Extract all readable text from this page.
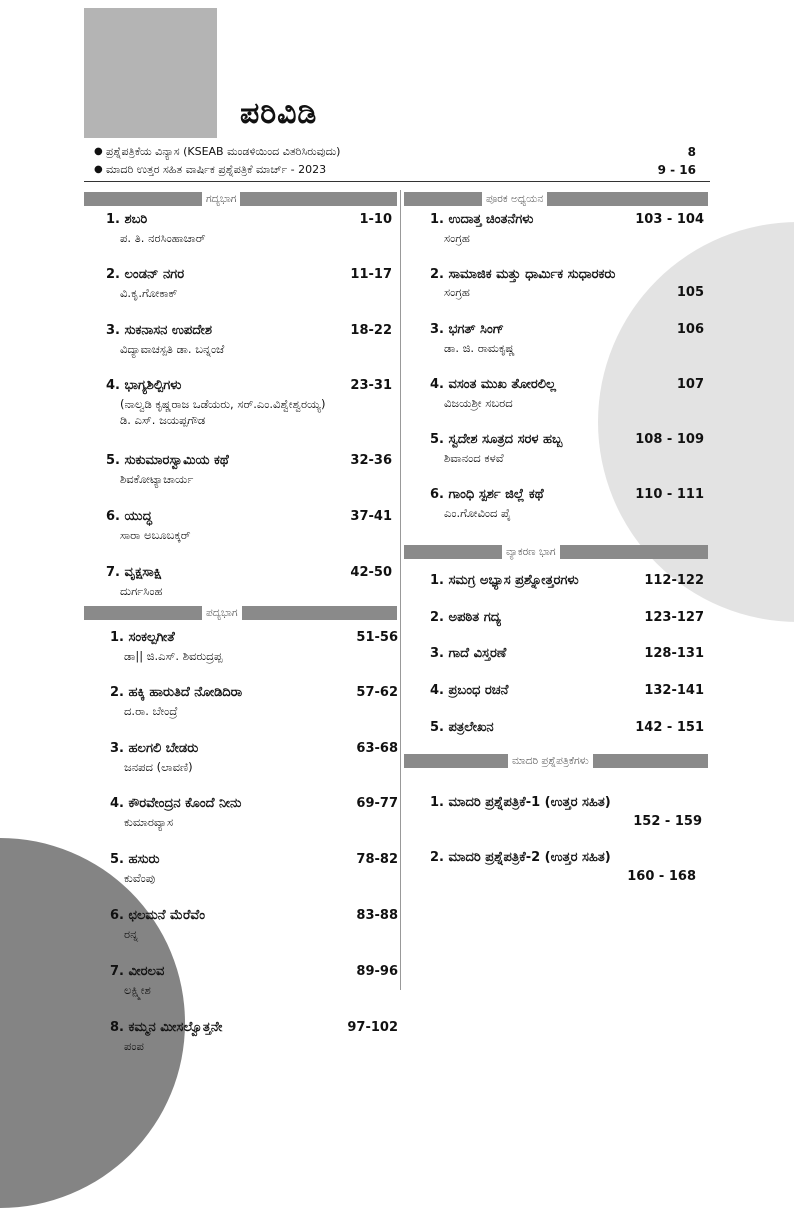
ಪರಿವಿಡಿ
● ಪ್ರಶ್ನೆಪತ್ರಿಕೆಯ ವಿನ್ಯಾಸ (KSEAB ಮಂಡಳಿಯಿಂದ ವಿತರಿಸಿರುವುದು)	8
● ಮಾದರಿ ಉತ್ತರ ಸಹಿತ ವಾರ್ಷಿಕ ಪ್ರಶ್ನೆಪತ್ರಿಕೆ ಮಾರ್ಚ್ - 2023	9 - 16
ಗದ್ಯಭಾಗ
1. ಶಬರಿ	1-10
ಪ. ತಿ. ನರಸಿಂಹಾಚಾರ್
2. ಲಂಡನ್ ನಗರ	11-17
ವಿ.ಕೃ.ಗೋಕಾಕ್
3. ಸುಕನಾಸನ ಉಪದೇಶ	18-22
ವಿದ್ಯಾವಾಚಸ್ಪತಿ ಡಾ. ಬನ್ನಂಜೆ
4. ಭಾಗ್ಯಶಿಲ್ಪಿಗಳು	23-31
(ನಾಲ್ವಡಿ ಕೃಷ್ಣರಾಜ ಒಡೆಯರು, ಸರ್.ಎಂ.ವಿಶ್ವೇಶ್ವರಯ್ಯ)
ಡಿ. ಎಸ್. ಜಯಪ್ಪಗೌಡ
5. ಸುಕುಮಾರಸ್ವಾಮಿಯ ಕಥೆ	32-36
ಶಿವಕೋಟ್ಯಾಚಾರ್ಯ
6. ಯುದ್ಧ	37-41
ಸಾರಾ ಅಬೂಬಕ್ಕರ್
7. ವೃಕ್ಷಸಾಕ್ಷಿ	42-50
ದುರ್ಗಸಿಂಹ
ಪದ್ಯಭಾಗ
1. ಸಂಕಲ್ಪಗೀತೆ	51-56
ಡಾ|| ಜಿ.ಎಸ್. ಶಿವರುದ್ರಪ್ಪ
2. ಹಕ್ಕಿ ಹಾರುತಿದೆ ನೋಡಿದಿರಾ	57-62
ದ.ರಾ. ಬೇಂದ್ರೆ
3. ಹಲಗಲಿ ಬೇಡರು	63-68
ಜನಪದ (ಲಾವಣಿ)
4. ಕೌರವೇಂದ್ರನ ಕೊಂದೆ ನೀನು	69-77
ಕುಮಾರವ್ಯಾಸ
5. ಹಸುರು	78-82
ಕುವೆಂಪು
6. ಛಲಮನೆ ಮೆರೆವೆಂ	83-88
ರನ್ನ
7. ವೀರಲವ	89-96
ಲಕ್ಷ್ಮೀಶ
8. ಕಮ್ಮನ ಮೀಸಲ್ವೊತ್ತನೇ	97-102
ಪಂಪ
ಪೂರಕ ಅಧ್ಯಯನ
1. ಉದಾತ್ತ ಚಿಂತನೆಗಳು	103 - 104
ಸಂಗ್ರಹ
2. ಸಾಮಾಜಿಕ ಮತ್ತು ಧಾರ್ಮಿಕ ಸುಧಾರಕರು
ಸಂಗ್ರಹ	105
3. ಭಗತ್ ಸಿಂಗ್	106
ಡಾ. ಜಿ. ರಾಮಕೃಷ್ಣ
4. ವಸಂತ ಮುಖ ತೋರಲಿಲ್ಲ	107
ವಿಜಯಶ್ರೀ ಸಬರದ
5. ಸ್ವದೇಶ ಸೂತ್ರದ ಸರಳ ಹಬ್ಬ	108 - 109
ಶಿವಾನಂದ ಕಳವೆ
6. ಗಾಂಧಿ ಸ್ಪರ್ಶ ಜಿಲ್ಲೆ ಕಥೆ	110 - 111
ಎಂ.ಗೋವಿಂದ ಪೈ
ವ್ಯಾಕರಣ ಭಾಗ
1. ಸಮಗ್ರ ಅಭ್ಯಾಸ ಪ್ರಶ್ನೋತ್ತರಗಳು	112-122
2. ಅಪಠಿತ ಗದ್ಯ	123-127
3. ಗಾದೆ ವಿಸ್ತರಣೆ	128-131
4. ಪ್ರಬಂಧ ರಚನೆ	132-141
5. ಪತ್ರಲೇಖನ	142 - 151
ಮಾದರಿ ಪ್ರಶ್ನೆಪತ್ರಿಕೆಗಳು
1. ಮಾದರಿ ಪ್ರಶ್ನೆಪತ್ರಿಕೆ-1 (ಉತ್ತರ ಸಹಿತ)
152 - 159
2. ಮಾದರಿ ಪ್ರಶ್ನೆಪತ್ರಿಕೆ-2 (ಉತ್ತರ ಸಹಿತ)
160 - 168
